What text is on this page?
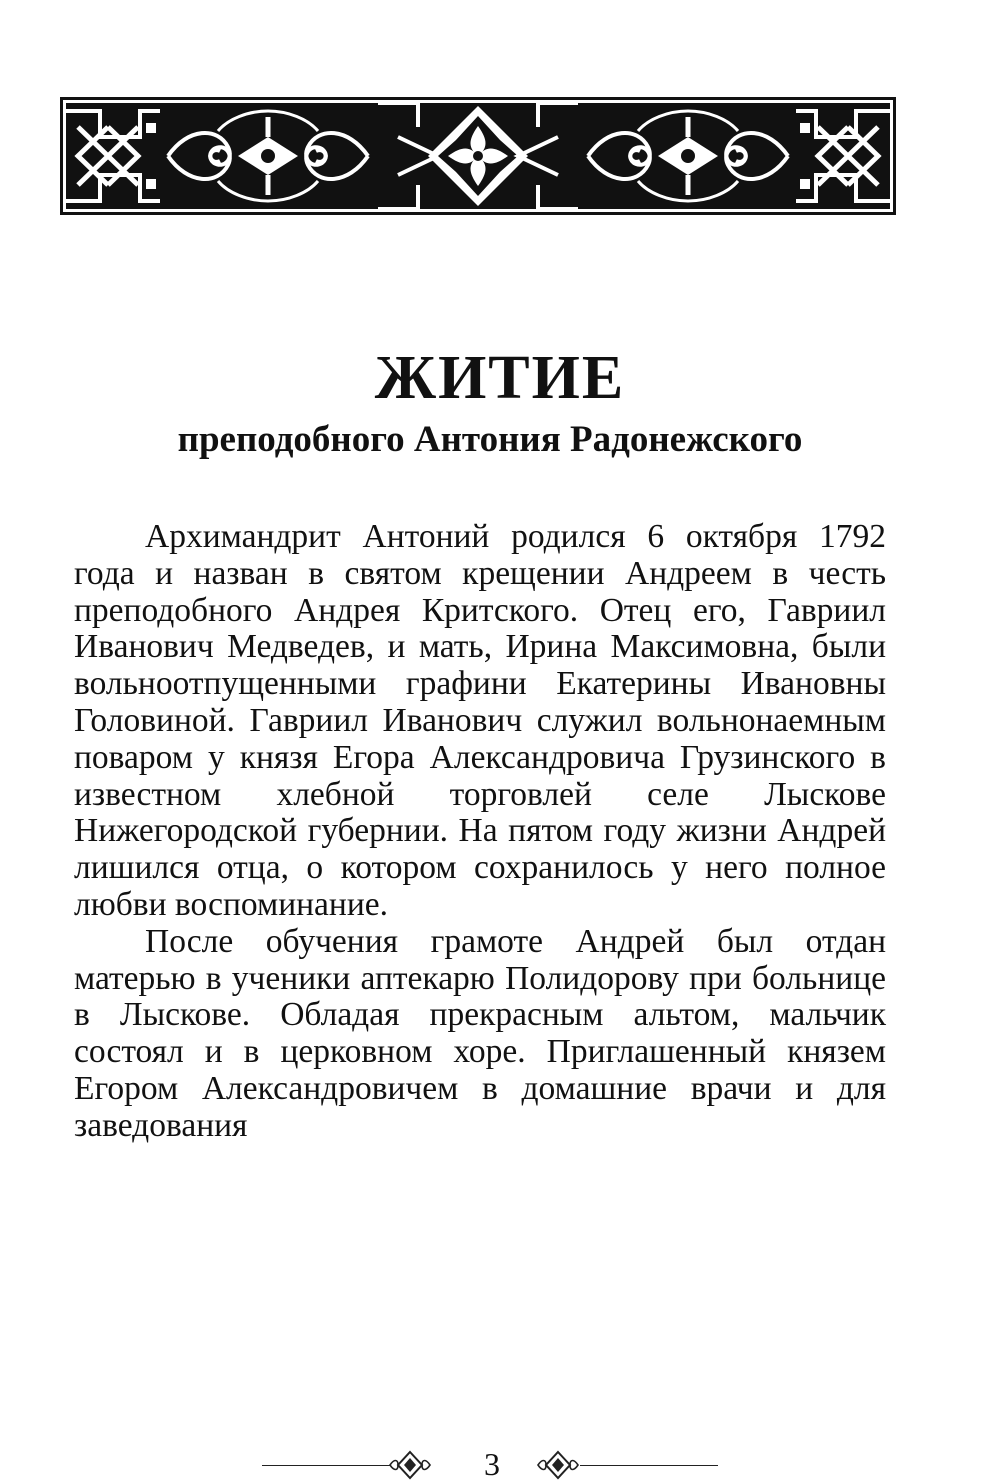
ЖИТИЕ
преподобного Антония Радонежского

Архимандрит Антоний родился 6 октября 1792 года и назван в святом крещении Андреем в честь преподобного Андрея Критского. Отец его, Гавриил Иванович Медведев, и мать, Ирина Максимовна, были вольноотпущенными графини Екатерины Ивановны Головиной. Гавриил Иванович служил вольнонаемным поваром у князя Егора Александровича Грузинского в известном хлебной торговлей селе Лыскове Нижегородской губернии. На пятом году жизни Андрей лишился отца, о котором сохранилось у него полное любви воспоминание.

После обучения грамоте Андрей был отдан матерью в ученики аптекарю Полидорову при больнице в Лыскове. Обладая прекрасным альтом, мальчик состоял и в церковном хоре. Приглашенный князем Егором Александровичем в домашние врачи и для заведования

3
